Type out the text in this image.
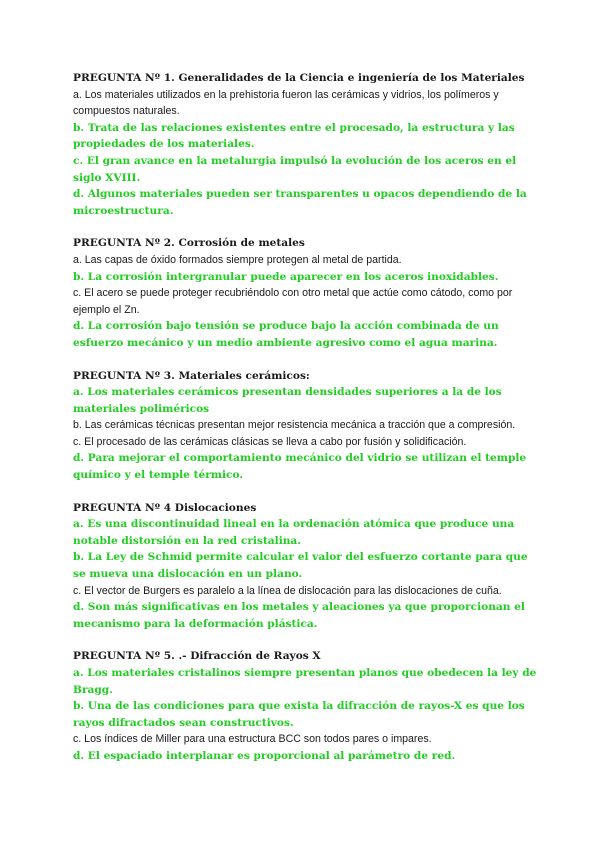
PREGUNTA Nº 1. Generalidades de la Ciencia e ingeniería de los Materiales

a. Los materiales utilizados en la prehistoria fueron las cerámicas y vidrios, los polímeros y compuestos naturales.

b. Trata de las relaciones existentes entre el procesado, la estructura y las propiedades de los materiales.

c. El gran avance en la metalurgia impulsó la evolución de los aceros en el siglo XVIII.

d. Algunos materiales pueden ser transparentes u opacos dependiendo de la microestructura.

PREGUNTA Nº 2. Corrosión de metales

a. Las capas de óxido formados siempre protegen al metal de partida.

b. La corrosión intergranular puede aparecer en los aceros inoxidables.

c. El acero se puede proteger recubriéndolo con otro metal que actúe como cátodo, como por ejemplo el Zn.

d. La corrosión bajo tensión se produce bajo la acción combinada de un esfuerzo mecánico y un medio ambiente agresivo como el agua marina.

PREGUNTA Nº 3. Materiales cerámicos:

a. Los materiales cerámicos presentan densidades superiores a la de los materiales poliméricos

b. Las cerámicas técnicas presentan mejor resistencia mecánica a tracción que a compresión.

c. El procesado de las cerámicas clásicas se lleva a cabo por fusión y solidificación.

d. Para mejorar el comportamiento mecánico del vidrio se utilizan el temple químico y el temple térmico.

PREGUNTA Nº 4 Dislocaciones

a. Es una discontinuidad lineal en la ordenación atómica que produce una notable distorsión en la red cristalina.

b. La Ley de Schmid permite calcular el valor del esfuerzo cortante para que se mueva una dislocación en un plano.

c. El vector de Burgers es paralelo a la línea de dislocación para las dislocaciones de cuña.

d. Son más significativas en los metales y aleaciones ya que proporcionan el mecanismo para la deformación plástica.

PREGUNTA Nº 5. .- Difracción de Rayos X

a. Los materiales cristalinos siempre presentan planos que obedecen la ley de Bragg.

b. Una de las condiciones para que exista la difracción de rayos-X es que los rayos difractados sean constructivos.

c. Los índices de Miller para una estructura BCC son todos pares o impares.

d. El espaciado interplanar es proporcional al parámetro de red.
